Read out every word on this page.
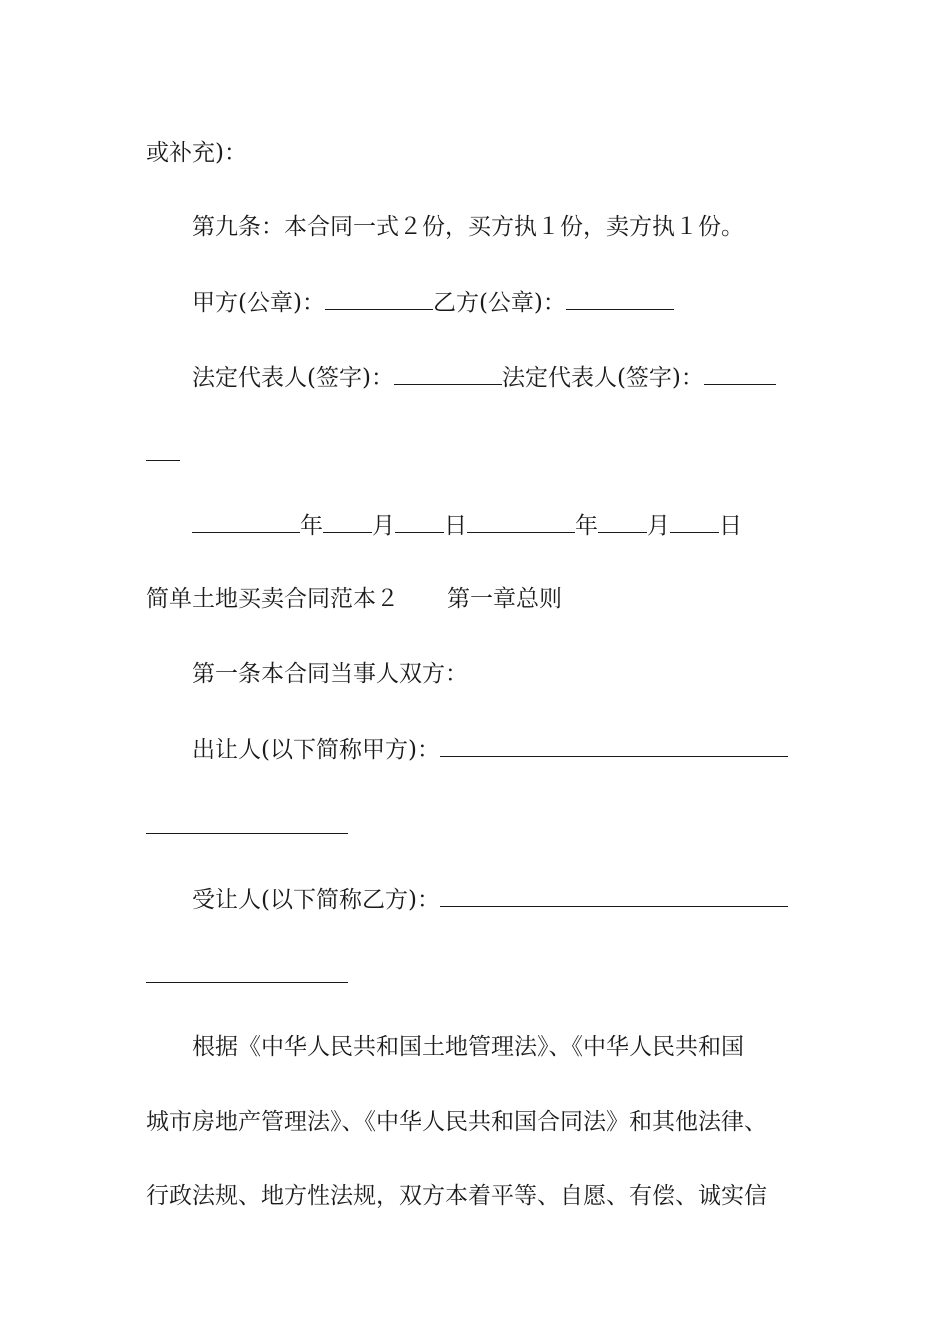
或补充)：
第九条：本合同一式２份，买方执１份，卖方执１份。
甲方(公章)：	乙方(公章)：
法定代表人(签字)：	法定代表人(签字)：
年 月 日	年 月 日
简单土地买卖合同范本２ 第一章总则
第一条本合同当事人双方：
出让人(以下简称甲方)：
受让人(以下简称乙方)：
根据《中华人民共和国土地管理法》、《中华人民共和国
城市房地产管理法》、《中华人民共和国合同法》和其他法律、
行政法规、地方性法规，双方本着平等、自愿、有偿、诚实信
